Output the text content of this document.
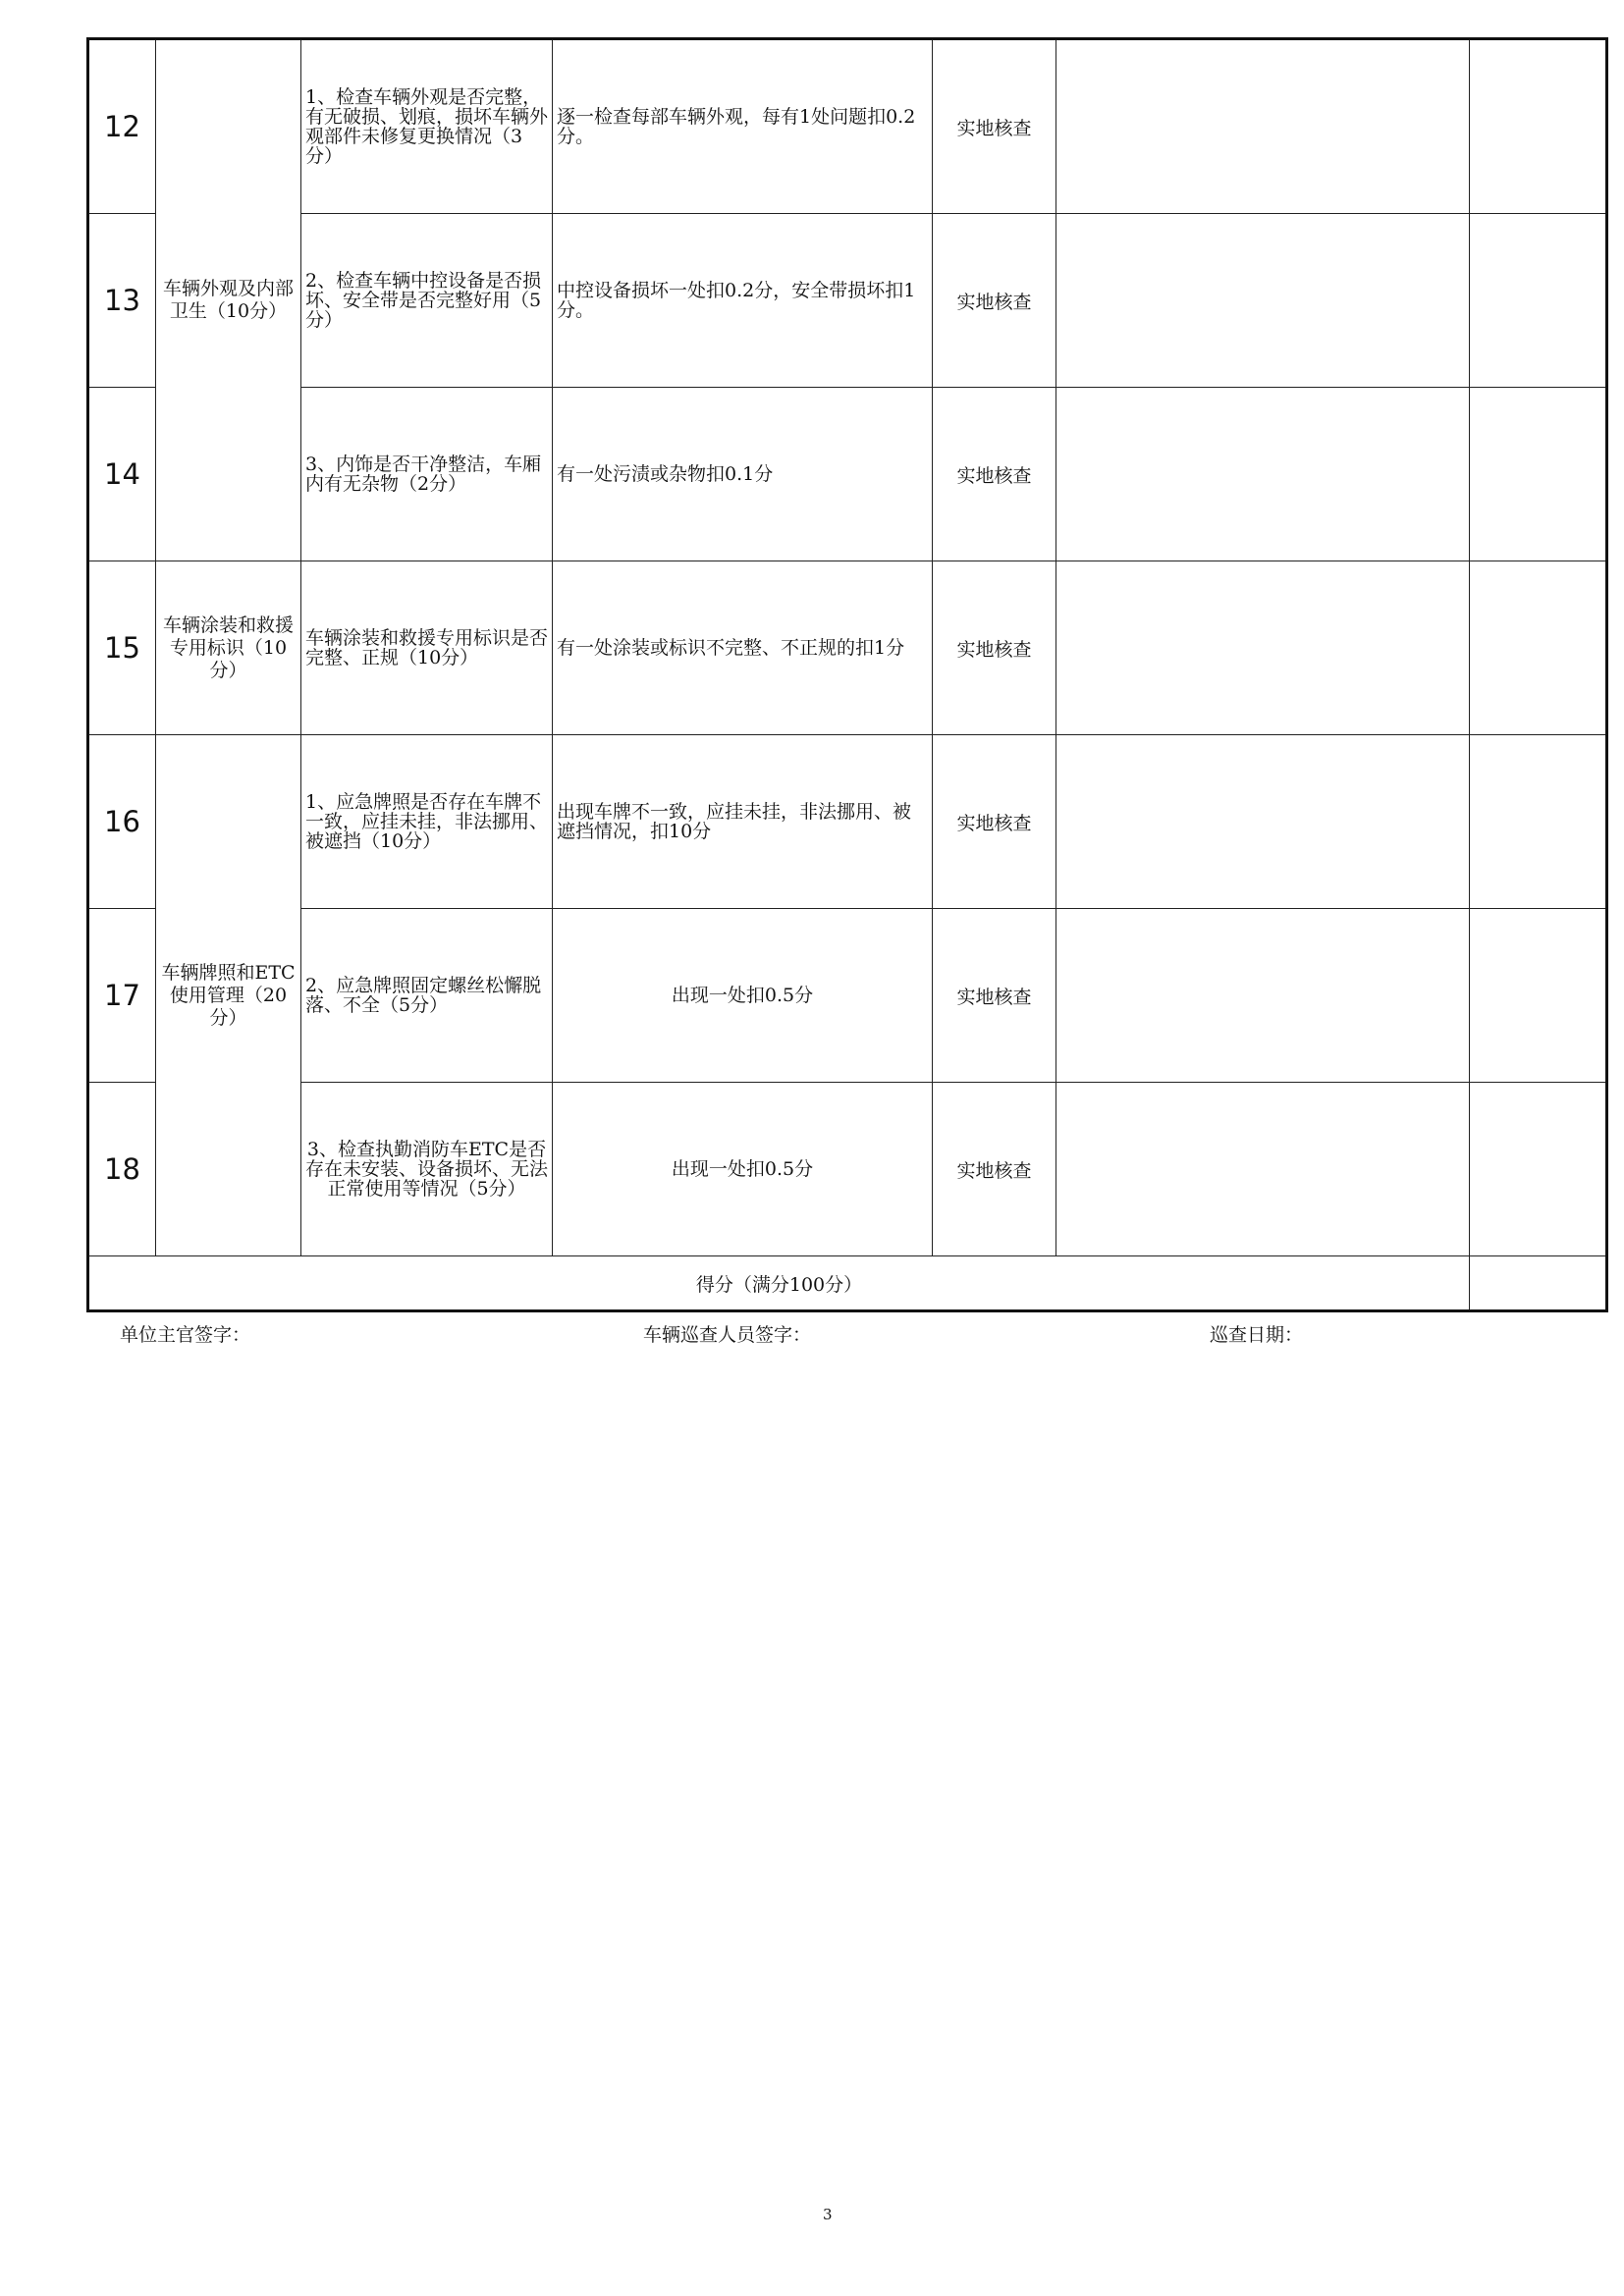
12	车辆外观及内部卫生（10分）	1、检查车辆外观是否完整，有无破损、划痕，损坏车辆外观部件未修复更换情况（3分）	逐一检查每部车辆外观，每有1处问题扣0.2分。	实地核查		
13		2、检查车辆中控设备是否损坏、安全带是否完整好用（5分）	中控设备损坏一处扣0.2分，安全带损坏扣1分。	实地核查		
14		3、内饰是否干净整洁，车厢内有无杂物（2分）	有一处污渍或杂物扣0.1分	实地核查		
15	车辆涂装和救援专用标识（10分）	车辆涂装和救援专用标识是否完整、正规（10分）	有一处涂装或标识不完整、不正规的扣1分	实地核查		
16	车辆牌照和ETC使用管理（20分）	1、应急牌照是否存在车牌不一致，应挂未挂，非法挪用、被遮挡（10分）	出现车牌不一致，应挂未挂，非法挪用、被遮挡情况，扣10分	实地核查		
17		2、应急牌照固定螺丝松懈脱落、不全（5分）	出现一处扣0.5分	实地核查		
18		3、检查执勤消防车ETC是否存在未安装、设备损坏、无法正常使用等情况（5分）	出现一处扣0.5分	实地核查		
得分（满分100分）						
单位主官签字：	车辆巡查人员签字：	巡查日期：
3
